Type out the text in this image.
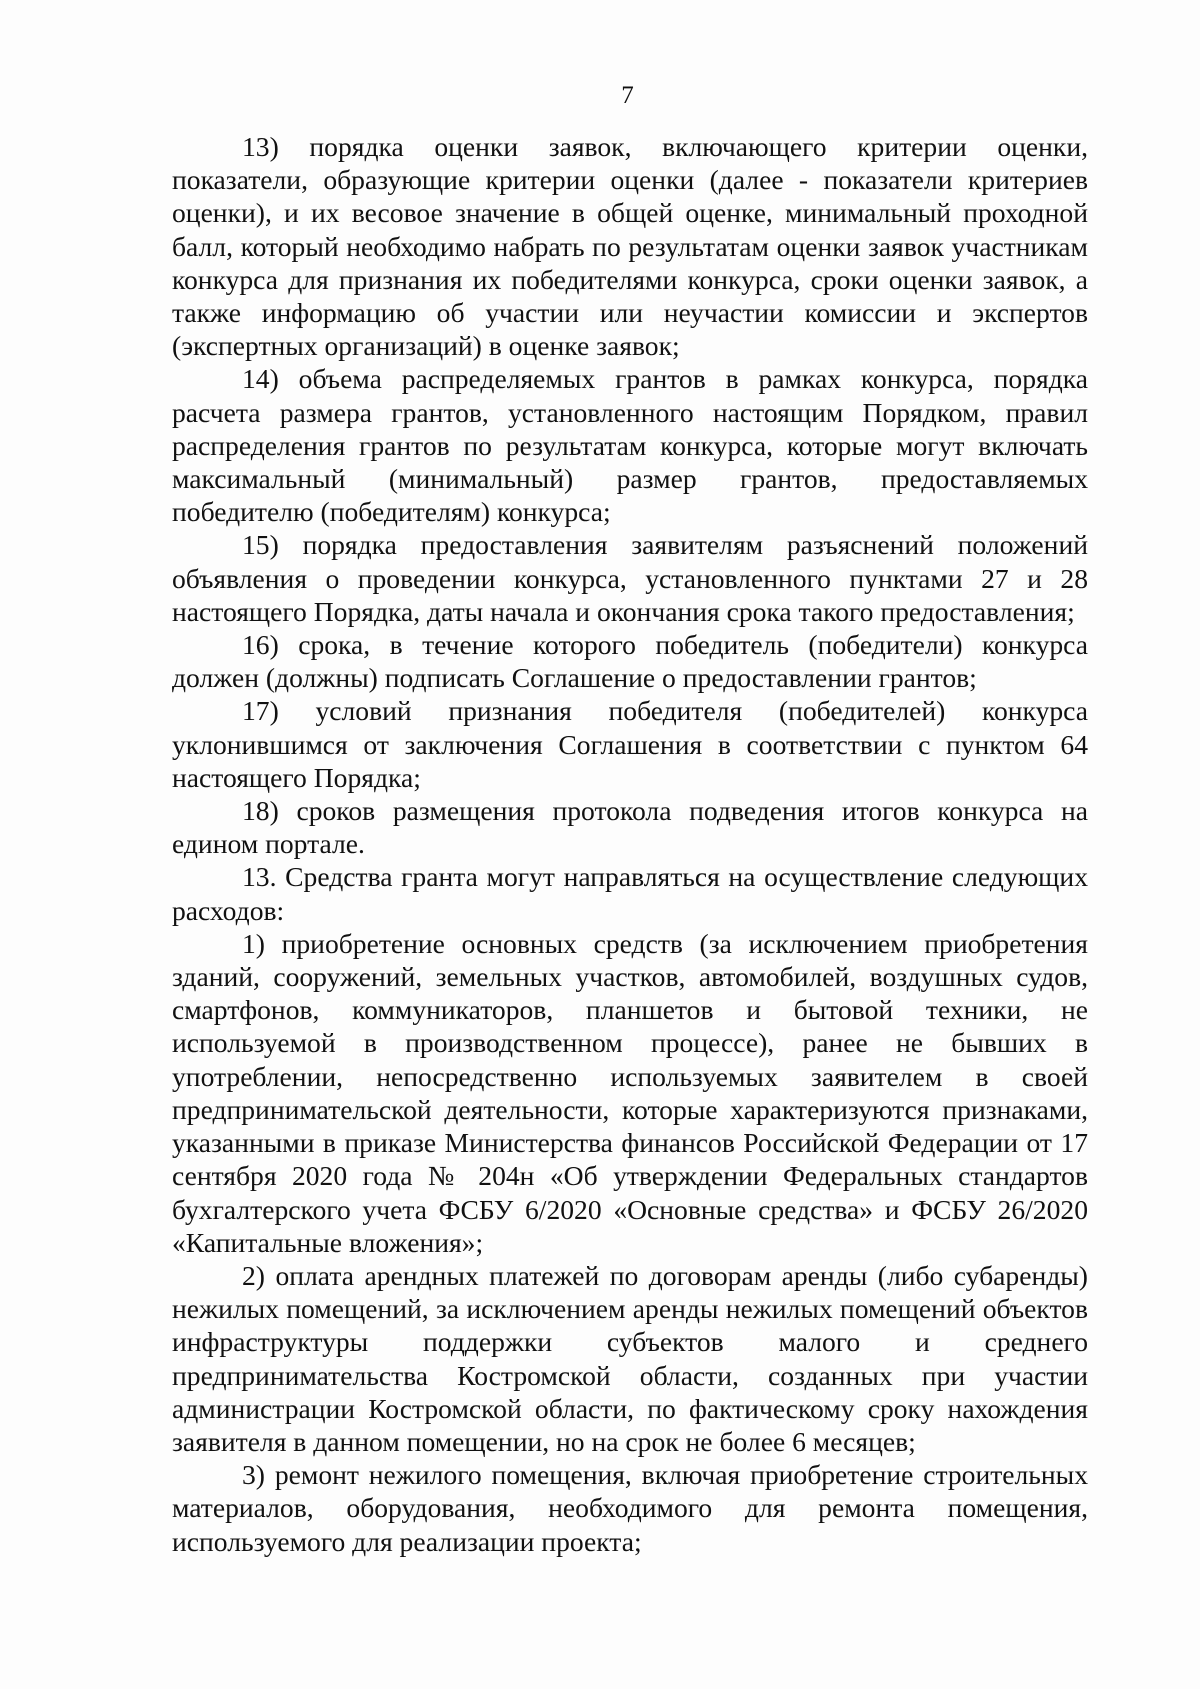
7

13) порядка оценки заявок, включающего критерии оценки, показатели, образующие критерии оценки (далее - показатели критериев оценки), и их весовое значение в общей оценке, минимальный проходной балл, который необходимо набрать по результатам оценки заявок участникам конкурса для признания их победителями конкурса, сроки оценки заявок, а также информацию об участии или неучастии комиссии и экспертов (экспертных организаций) в оценке заявок;

14) объема распределяемых грантов в рамках конкурса, порядка расчета размера грантов, установленного настоящим Порядком, правил распределения грантов по результатам конкурса, которые могут включать максимальный (минимальный) размер грантов, предоставляемых победителю (победителям) конкурса;

15) порядка предоставления заявителям разъяснений положений объявления о проведении конкурса, установленного пунктами 27 и 28 настоящего Порядка, даты начала и окончания срока такого предоставления;

16) срока, в течение которого победитель (победители) конкурса должен (должны) подписать Соглашение о предоставлении грантов;

17) условий признания победителя (победителей) конкурса уклонившимся от заключения Соглашения в соответствии с пунктом 64 настоящего Порядка;

18) сроков размещения протокола подведения итогов конкурса на едином портале.

13. Средства гранта могут направляться на осуществление следующих расходов:

1) приобретение основных средств (за исключением приобретения зданий, сооружений, земельных участков, автомобилей, воздушных судов, смартфонов, коммуникаторов, планшетов и бытовой техники, не используемой в производственном процессе), ранее не бывших в употреблении, непосредственно используемых заявителем в своей предпринимательской деятельности, которые характеризуются признаками, указанными в приказе Министерства финансов Российской Федерации от 17 сентября 2020 года № 204н «Об утверждении Федеральных стандартов бухгалтерского учета ФСБУ 6/2020 «Основные средства» и ФСБУ 26/2020 «Капитальные вложения»;

2) оплата арендных платежей по договорам аренды (либо субаренды) нежилых помещений, за исключением аренды нежилых помещений объектов инфраструктуры поддержки субъектов малого и среднего предпринимательства Костромской области, созданных при участии администрации Костромской области, по фактическому сроку нахождения заявителя в данном помещении, но на срок не более 6 месяцев;

3) ремонт нежилого помещения, включая приобретение строительных материалов, оборудования, необходимого для ремонта помещения, используемого для реализации проекта;
